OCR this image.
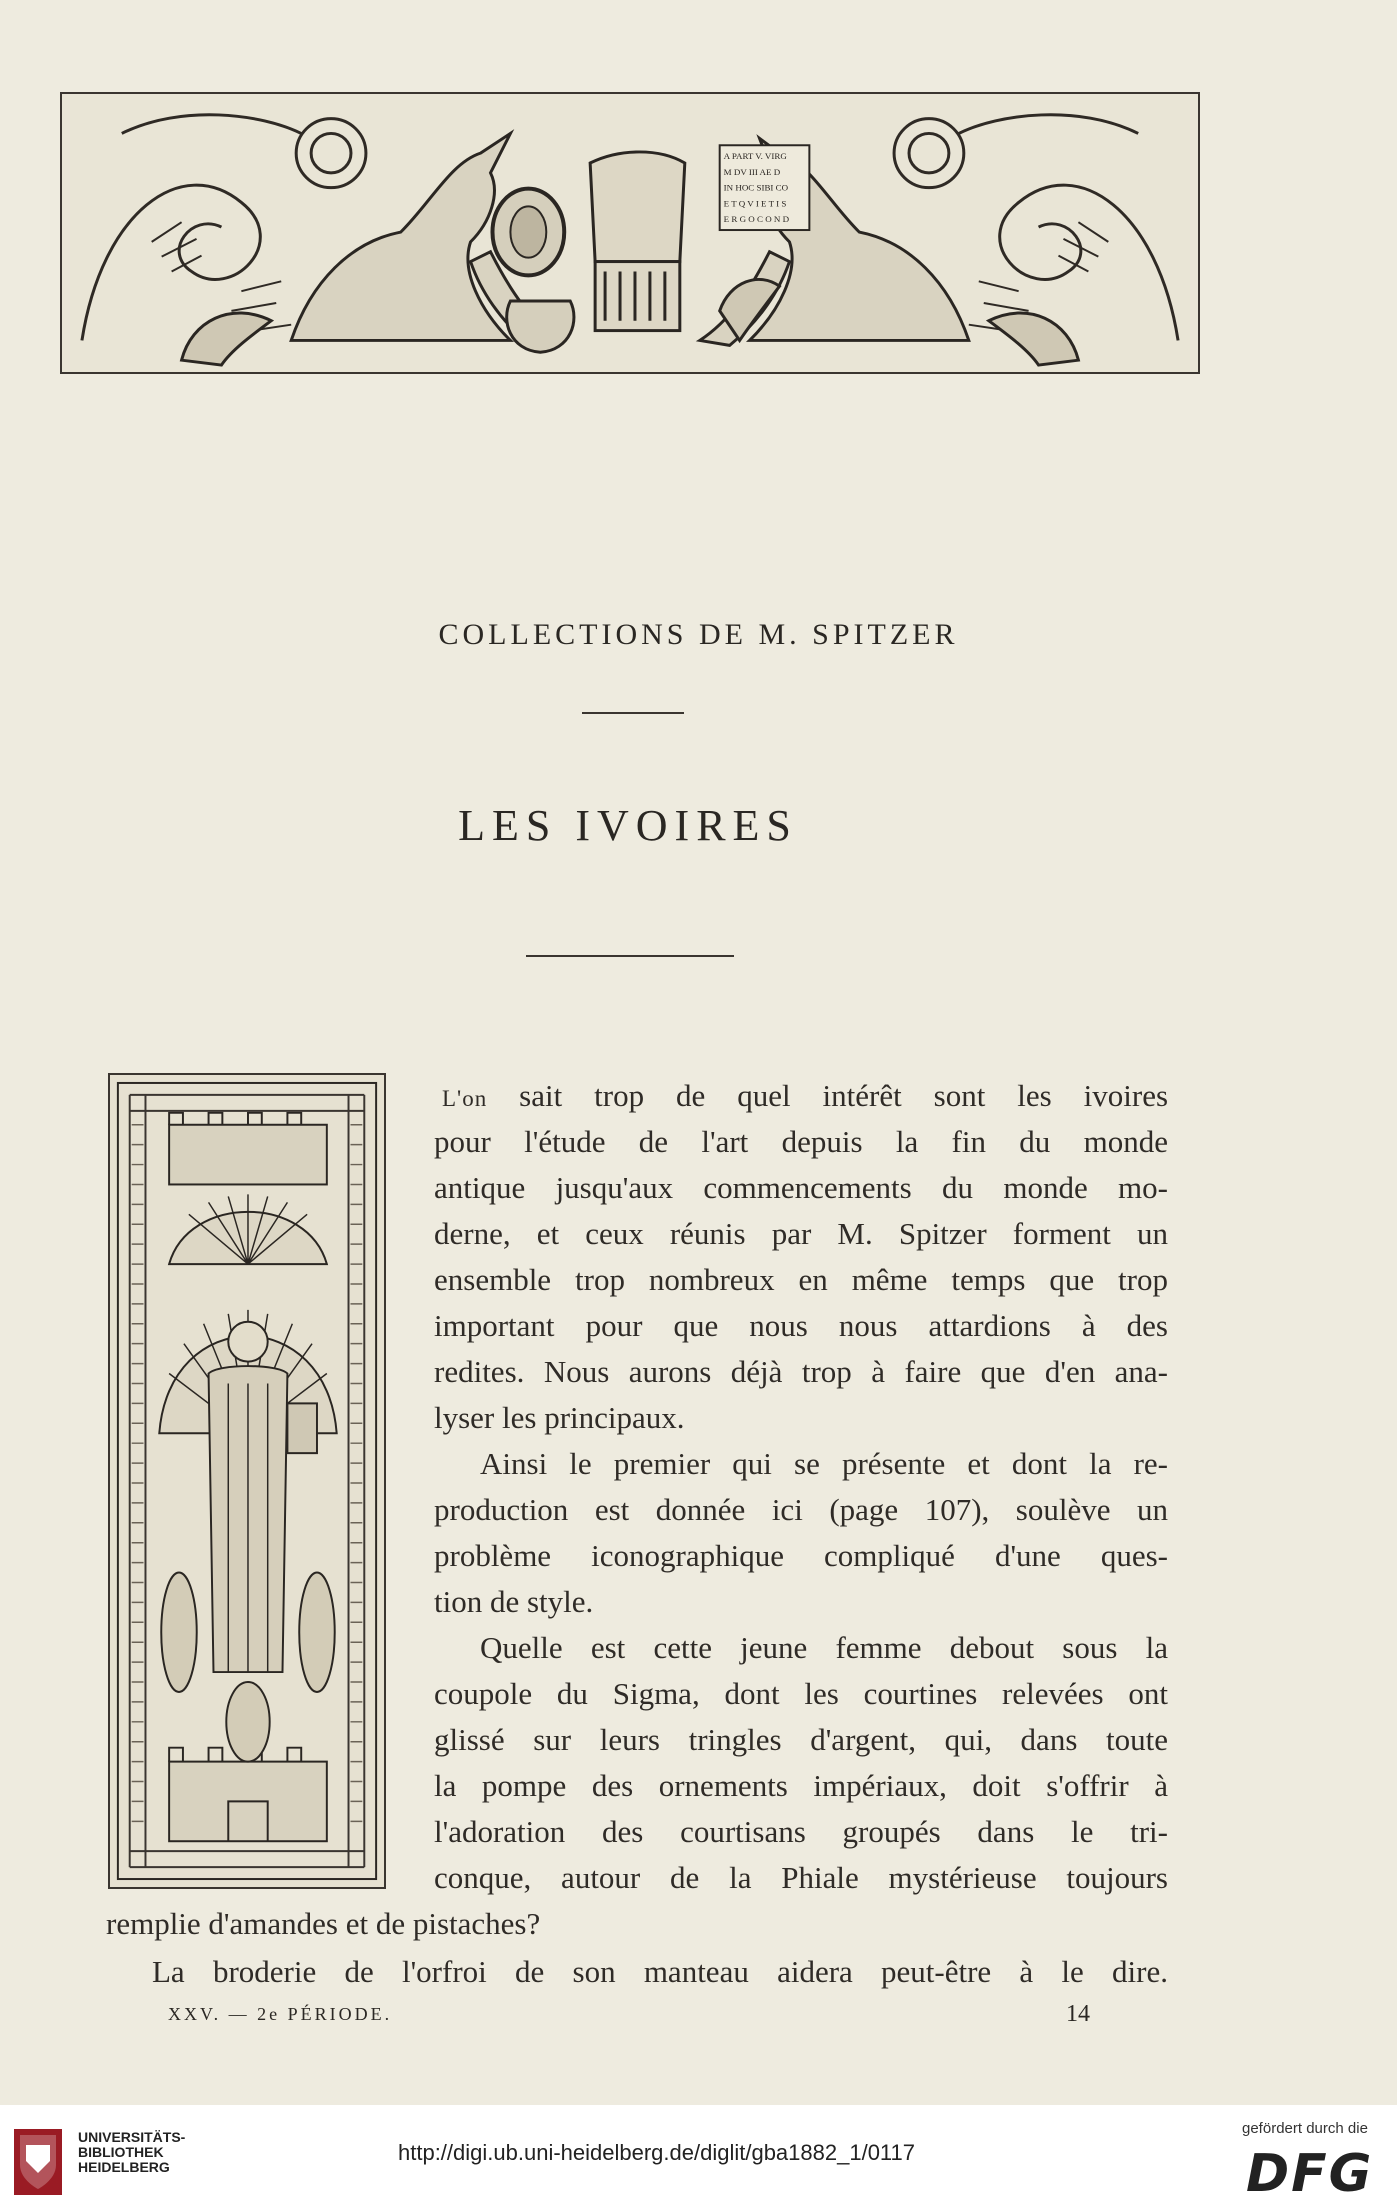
A PART V. VIRG
M DV III AE D
IN HOC SIBI CO
E T Q V I E T I S
E R G O C O N D
COLLECTIONS DE M. SPITZER
LES IVOIRES
L'on sait trop de quel intérêt sont les ivoires
pour l'étude de l'art depuis la fin du monde
antique jusqu'aux commencements du monde mo-
derne, et ceux réunis par M. Spitzer forment un
ensemble trop nombreux en même temps que trop
important pour que nous nous attardions à des
redites. Nous aurons déjà trop à faire que d'en ana-
lyser les principaux.
Ainsi le premier qui se présente et dont la re-
production est donnée ici (page 107), soulève un
problème iconographique compliqué d'une ques-
tion de style.
Quelle est cette jeune femme debout sous la
coupole du Sigma, dont les courtines relevées ont
glissé sur leurs tringles d'argent, qui, dans toute
la pompe des ornements impériaux, doit s'offrir à
l'adoration des courtisans groupés dans le tri-
conque, autour de la Phiale mystérieuse toujours
remplie d'amandes et de pistaches?
La broderie de l'orfroi de son manteau aidera peut-être à le dire.
XXV. — 2e PÉRIODE.	14
UNIVERSITÄTS-
BIBLIOTHEK
HEIDELBERG
http://digi.ub.uni-heidelberg.de/diglit/gba1882_1/0117
gefördert durch die
DFG
